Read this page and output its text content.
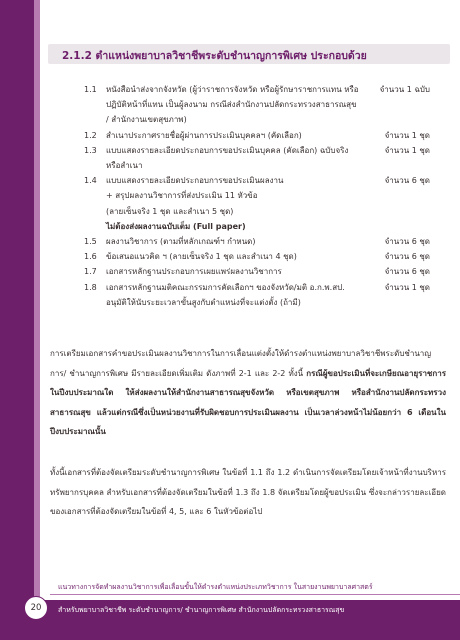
2.1.2 ตำแหน่งพยาบาลวิชาชีพระดับชำนาญการพิเศษ ประกอบด้วย
1.1	หนังสือนำส่งจากจังหวัด (ผู้ว่าราชการจังหวัด หรือผู้รักษาราชการแทน หรือปฏิบัติหน้าที่แทน เป็นผู้ลงนาม กรณีส่งสำนักงานปลัดกระทรวงสาธารณสุข / สำนักงานเขตสุขภาพ)
จำนวน 1 ฉบับ
1.2	สำเนาประกาศรายชื่อผู้ผ่านการประเมินบุคคลฯ (คัดเลือก)	จำนวน 1 ชุด
1.3	แบบแสดงรายละเอียดประกอบการขอประเมินบุคคล (คัดเลือก) ฉบับจริงหรือสำเนา
จำนวน 1 ชุด
1.4	แบบแสดงรายละเอียดประกอบการขอประเมินผลงาน	จำนวน 6 ชุด
+ สรุปผลงานวิชาการที่ส่งประเมิน 11 หัวข้อ
(ลายเซ็นจริง 1 ชุด และสำเนา 5 ชุด)
ไม่ต้องส่งผลงานฉบับเต็ม (Full paper)
1.5	ผลงานวิชาการ (ตามที่หลักเกณฑ์ฯ กำหนด)	จำนวน 6 ชุด
1.6	ข้อเสนอแนวคิด ฯ (ลายเซ็นจริง 1 ชุด และสำเนา 4 ชุด)	จำนวน 6 ชุด
1.7	เอกสารหลักฐานประกอบการเผยแพร่ผลงานวิชาการ	จำนวน 6 ชุด
1.8	เอกสารหลักฐานมติคณะกรรมการคัดเลือกฯ ของจังหวัด/มติ อ.ก.พ.สป. อนุมัติให้นับระยะเวลาขั้นสูงกับตำแหน่งที่จะแต่งตั้ง (ถ้ามี)
จำนวน 1 ชุด

การเตรียมเอกสารคำขอประเมินผลงานวิชาการในการเลื่อนแต่งตั้งให้ดำรงตำแหน่งพยาบาลวิชาชีพระดับชำนาญการ/ ชำนาญการพิเศษ มีรายละเอียดเพิ่มเติม ดังภาพที่ 2-1 และ 2-2 ทั้งนี้ กรณีผู้ขอประเมินที่จะเกษียณอายุราชการในปีงบประมาณใด ให้ส่งผลงานให้สำนักงานสาธารณสุขจังหวัด หรือเขตสุขภาพ หรือสำนักงานปลัดกระทรวงสาธารณสุข แล้วแต่กรณีซึ่งเป็นหน่วยงานที่รับผิดชอบการประเมินผลงาน เป็นเวลาล่วงหน้าไม่น้อยกว่า 6 เดือนในปีงบประมาณนั้น

ทั้งนี้เอกสารที่ต้องจัดเตรียมระดับชำนาญการพิเศษ ในข้อที่ 1.1 ถึง 1.2 ดำเนินการจัดเตรียมโดยเจ้าหน้าที่งานบริหารทรัพยากรบุคคล สำหรับเอกสารที่ต้องจัดเตรียมในข้อที่ 1.3 ถึง 1.8 จัดเตรียมโดยผู้ขอประเมิน ซึ่งจะกล่าวรายละเอียดของเอกสารที่ต้องจัดเตรียมในข้อที่ 4, 5, และ 6 ในหัวข้อต่อไป

แนวทางการจัดทำผลงานวิชาการเพื่อเลื่อนขั้นให้ดำรงตำแหน่งประเภทวิชาการ ในสายงานพยาบาลศาสตร์
สำหรับพยาบาลวิชาชีพ ระดับชำนาญการ/ ชำนาญการพิเศษ สำนักงานปลัดกระทรวงสาธารณสุข
20
